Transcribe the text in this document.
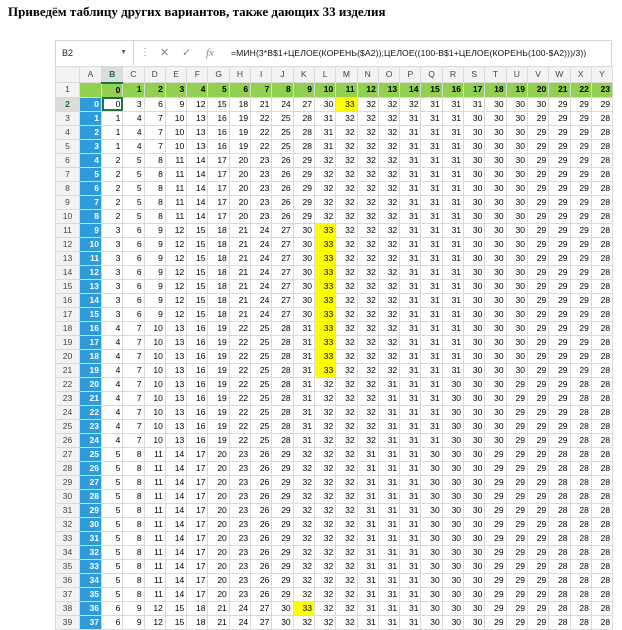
Приведём таблицу других вариантов, также дающих 33 изделия
B2	▼ ⋮ ✕ ✓ fx =МИН(3*B$1+ЦЕЛОЕ(КОРЕНЬ($A2));ЦЕЛОЕ((100-B$1+ЦЕЛОЕ(КОРЕНЬ(100-$A2)))/3))
	A	B	C	D	E	F	G	H	I	J	K	L	M	N	O	P	Q	R	S	T	U	V	W	X	Y
1		0	1	2	3	4	5	6	7	8	9	10	11	12	13	14	15	16	17	18	19	20	21	22	23
2	0	0	3	6	9	12	15	18	21	24	27	30	33	32	32	32	31	31	31	30	30	30	29	29	29
3	1	1	4	7	10	13	16	19	22	25	28	31	32	32	32	31	31	31	30	30	30	29	29	29	28
4	2	1	4	7	10	13	16	19	22	25	28	31	32	32	32	31	31	31	30	30	30	29	29	29	28
5	3	1	4	7	10	13	16	19	22	25	28	31	32	32	32	31	31	31	30	30	30	29	29	29	28
6	4	2	5	8	11	14	17	20	23	26	29	32	32	32	32	31	31	31	30	30	30	29	29	29	28
7	5	2	5	8	11	14	17	20	23	26	29	32	32	32	32	31	31	31	30	30	30	29	29	29	28
8	6	2	5	8	11	14	17	20	23	26	29	32	32	32	32	31	31	31	30	30	30	29	29	29	28
9	7	2	5	8	11	14	17	20	23	26	29	32	32	32	32	31	31	31	30	30	30	29	29	29	28
10	8	2	5	8	11	14	17	20	23	26	29	32	32	32	32	31	31	31	30	30	30	29	29	29	28
11	9	3	6	9	12	15	18	21	24	27	30	33	32	32	32	31	31	31	30	30	30	29	29	29	28
12	10	3	6	9	12	15	18	21	24	27	30	33	32	32	32	31	31	31	30	30	30	29	29	29	28
13	11	3	6	9	12	15	18	21	24	27	30	33	32	32	32	31	31	31	30	30	30	29	29	29	28
14	12	3	6	9	12	15	18	21	24	27	30	33	32	32	32	31	31	31	30	30	30	29	29	29	28
15	13	3	6	9	12	15	18	21	24	27	30	33	32	32	32	31	31	31	30	30	30	29	29	29	28
16	14	3	6	9	12	15	18	21	24	27	30	33	32	32	32	31	31	31	30	30	30	29	29	29	28
17	15	3	6	9	12	15	18	21	24	27	30	33	32	32	32	31	31	31	30	30	30	29	29	29	28
18	16	4	7	10	13	16	19	22	25	28	31	33	32	32	32	31	31	31	30	30	30	29	29	29	28
19	17	4	7	10	13	16	19	22	25	28	31	33	32	32	32	31	31	31	30	30	30	29	29	29	28
20	18	4	7	10	13	16	19	22	25	28	31	33	32	32	32	31	31	31	30	30	30	29	29	29	28
21	19	4	7	10	13	16	19	22	25	28	31	33	32	32	32	31	31	31	30	30	30	29	29	29	28
22	20	4	7	10	13	16	19	22	25	28	31	32	32	32	31	31	31	30	30	30	29	29	29	28	28
23	21	4	7	10	13	16	19	22	25	28	31	32	32	32	31	31	31	30	30	30	29	29	29	28	28
24	22	4	7	10	13	16	19	22	25	28	31	32	32	32	31	31	31	30	30	30	29	29	29	28	28
25	23	4	7	10	13	16	19	22	25	28	31	32	32	32	31	31	31	30	30	30	29	29	29	28	28
26	24	4	7	10	13	16	19	22	25	28	31	32	32	32	31	31	31	30	30	30	29	29	29	28	28
27	25	5	8	11	14	17	20	23	26	29	32	32	32	31	31	31	30	30	30	29	29	29	28	28	28
28	26	5	8	11	14	17	20	23	26	29	32	32	32	31	31	31	30	30	30	29	29	29	28	28	28
29	27	5	8	11	14	17	20	23	26	29	32	32	32	31	31	31	30	30	30	29	29	29	28	28	28
30	28	5	8	11	14	17	20	23	26	29	32	32	32	31	31	31	30	30	30	29	29	29	28	28	28
31	29	5	8	11	14	17	20	23	26	29	32	32	32	31	31	31	30	30	30	29	29	29	28	28	28
32	30	5	8	11	14	17	20	23	26	29	32	32	32	31	31	31	30	30	30	29	29	29	28	28	28
33	31	5	8	11	14	17	20	23	26	29	32	32	32	31	31	31	30	30	30	29	29	29	28	28	28
34	32	5	8	11	14	17	20	23	26	29	32	32	32	31	31	31	30	30	30	29	29	29	28	28	28
35	33	5	8	11	14	17	20	23	26	29	32	32	32	31	31	31	30	30	30	29	29	29	28	28	28
36	34	5	8	11	14	17	20	23	26	29	32	32	32	31	31	31	30	30	30	29	29	29	28	28	28
37	35	5	8	11	14	17	20	23	26	29	32	32	32	31	31	31	30	30	30	29	29	29	28	28	28
38	36	6	9	12	15	18	21	24	27	30	33	32	32	31	31	31	30	30	30	29	29	29	28	28	28
39	37	6	9	12	15	18	21	24	27	30	32	32	32	31	31	31	30	30	30	29	29	29	28	28	28
